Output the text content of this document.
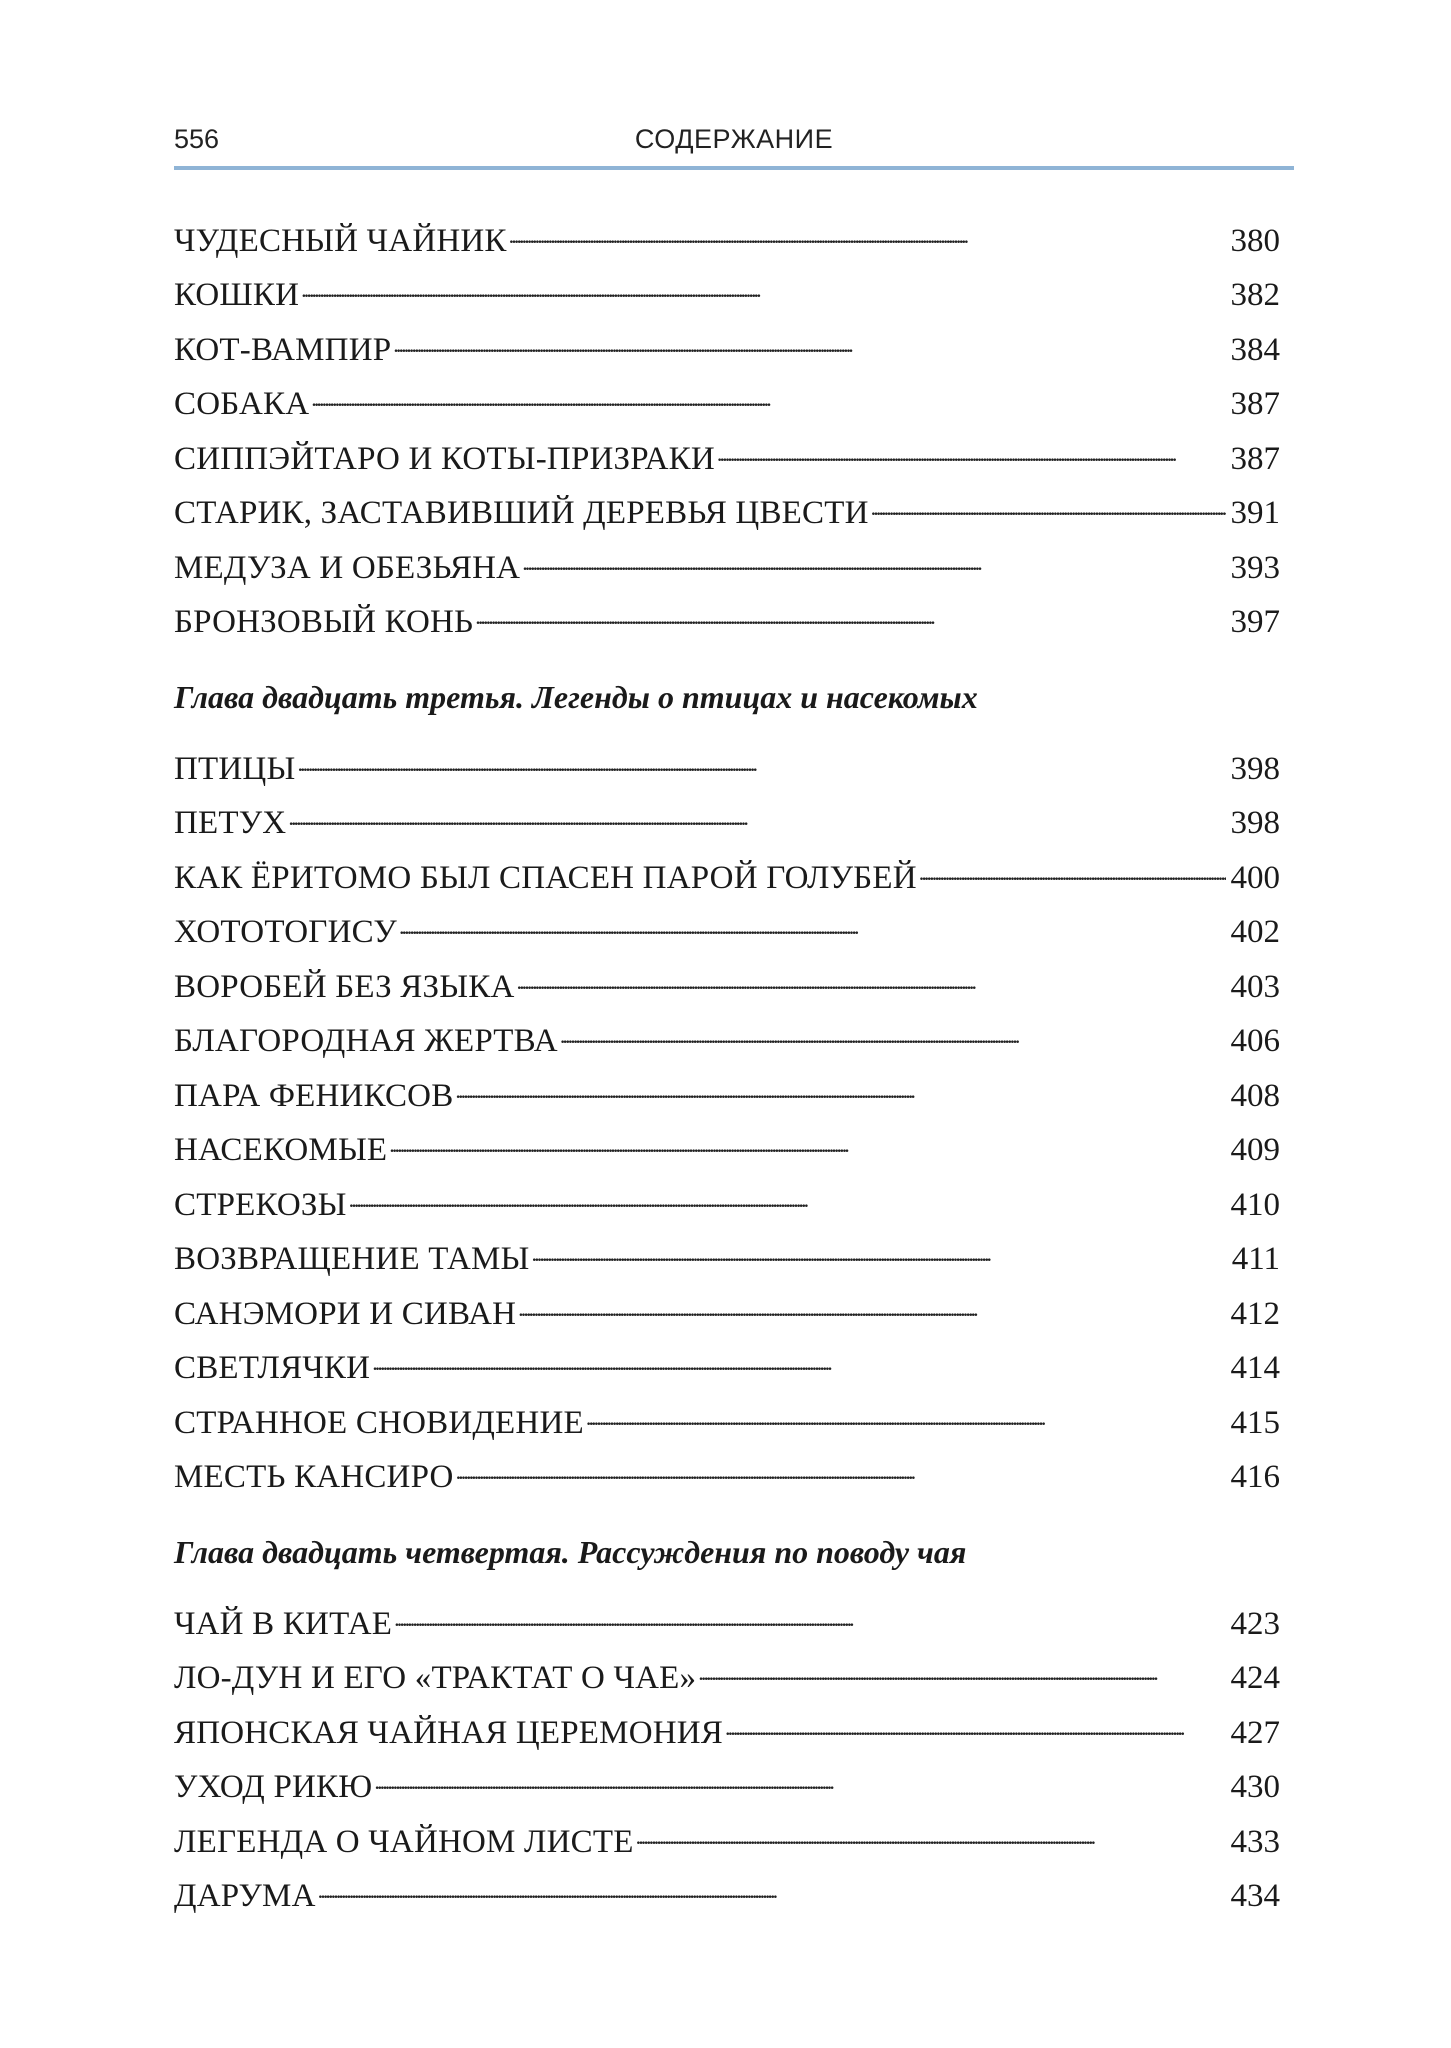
556	СОДЕРЖАНИЕ
ЧУДЕСНЫЙ ЧАЙНИК . . .	380
КОШКИ . . .	382
КОТ-ВАМПИР . . .	384
СОБАКА . . .	387
СИППЭЙТАРО И КОТЫ-ПРИЗРАКИ . . .	387
СТАРИК, ЗАСТАВИВШИЙ ДЕРЕВЬЯ ЦВЕСТИ . . .	391
МЕДУЗА И ОБЕЗЬЯНА . . .	393
БРОНЗОВЫЙ КОНЬ . . .	397
Глава двадцать третья. Легенды о птицах и насекомых
ПТИЦЫ . . .	398
ПЕТУХ . . .	398
КАК ЁРИТОМО БЫЛ СПАСЕН ПАРОЙ ГОЛУБЕЙ . . .	400
ХОТОТОГИСУ . . .	402
ВОРОБЕЙ БЕЗ ЯЗЫКА . . .	403
БЛАГОРОДНАЯ ЖЕРТВА . . .	406
ПАРА ФЕНИКСОВ . . .	408
НАСЕКОМЫЕ . . .	409
СТРЕКОЗЫ . . .	410
ВОЗВРАЩЕНИЕ ТАМЫ . . .	411
САНЭМОРИ И СИВАН . . .	412
СВЕТЛЯЧКИ . . .	414
СТРАННОЕ СНОВИДЕНИЕ . . .	415
МЕСТЬ КАНСИРО . . .	416
Глава двадцать четвертая. Рассуждения по поводу чая
ЧАЙ В КИТАЕ . . .	423
ЛО-ДУН И ЕГО «ТРАКТАТ О ЧАЕ» . . .	424
ЯПОНСКАЯ ЧАЙНАЯ ЦЕРЕМОНИЯ . . .	427
УХОД РИКЮ . . .	430
ЛЕГЕНДА О ЧАЙНОМ ЛИСТЕ . . .	433
ДАРУМА . . .	434
